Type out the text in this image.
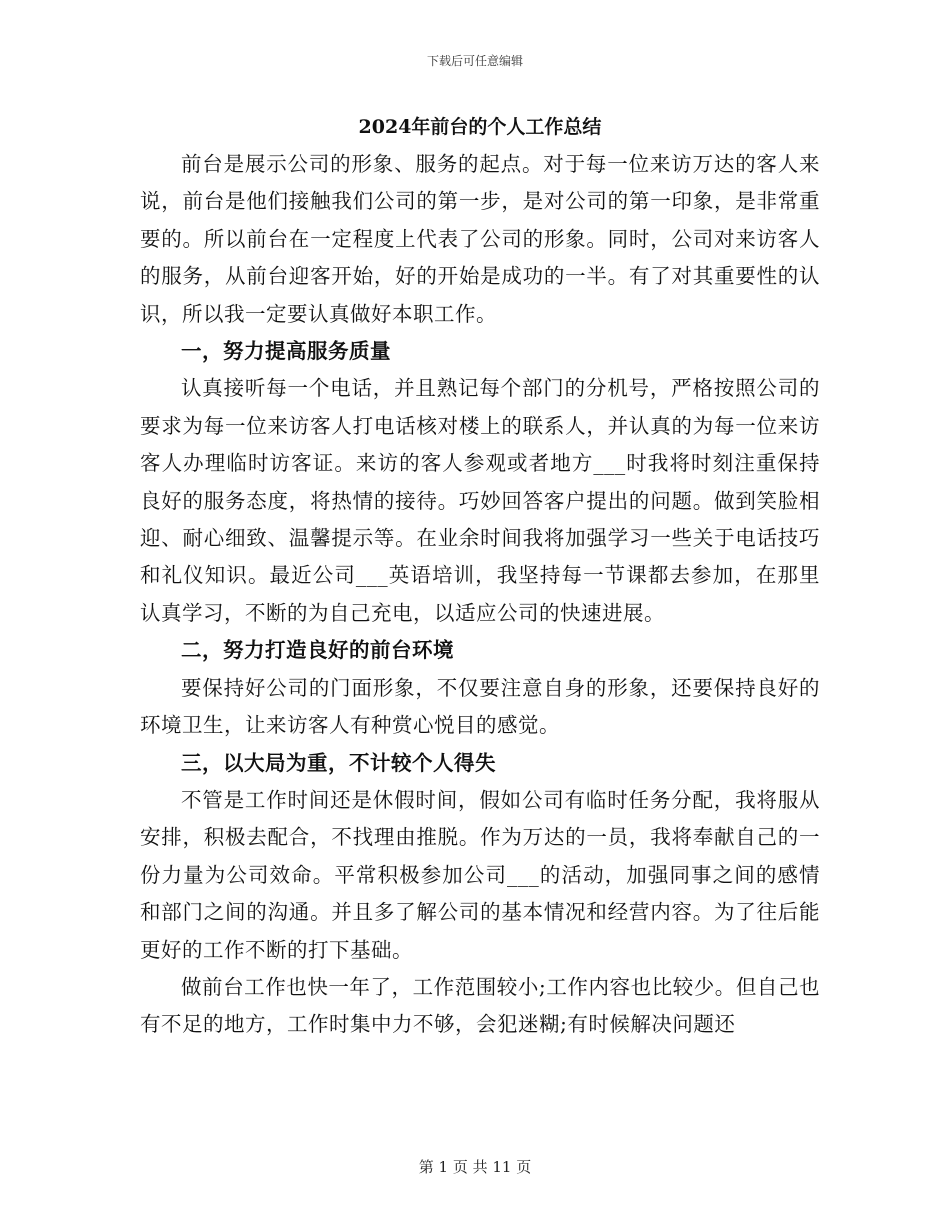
下载后可任意编辑
2024年前台的个人工作总结

前台是展示公司的形象、服务的起点。对于每一位来访万达的客人来说，前台是他们接触我们公司的第一步，是对公司的第一印象，是非常重要的。所以前台在一定程度上代表了公司的形象。同时，公司对来访客人的服务，从前台迎客开始，好的开始是成功的一半。有了对其重要性的认识，所以我一定要认真做好本职工作。

一，努力提高服务质量

认真接听每一个电话，并且熟记每个部门的分机号，严格按照公司的要求为每一位来访客人打电话核对楼上的联系人，并认真的为每一位来访客人办理临时访客证。来访的客人参观或者地方___时我将时刻注重保持良好的服务态度，将热情的接待。巧妙回答客户提出的问题。做到笑脸相迎、耐心细致、温馨提示等。在业余时间我将加强学习一些关于电话技巧和礼仪知识。最近公司___英语培训，我坚持每一节课都去参加，在那里认真学习，不断的为自己充电，以适应公司的快速进展。

二，努力打造良好的前台环境

要保持好公司的门面形象，不仅要注意自身的形象，还要保持良好的环境卫生，让来访客人有种赏心悦目的感觉。

三，以大局为重，不计较个人得失

不管是工作时间还是休假时间，假如公司有临时任务分配，我将服从安排，积极去配合，不找理由推脱。作为万达的一员，我将奉献自己的一份力量为公司效命。平常积极参加公司___的活动，加强同事之间的感情和部门之间的沟通。并且多了解公司的基本情况和经营内容。为了往后能更好的工作不断的打下基础。

做前台工作也快一年了，工作范围较小;工作内容也比较少。但自己也有不足的地方，工作时集中力不够，会犯迷糊;有时候解决问题还

第 1 页 共 11 页
